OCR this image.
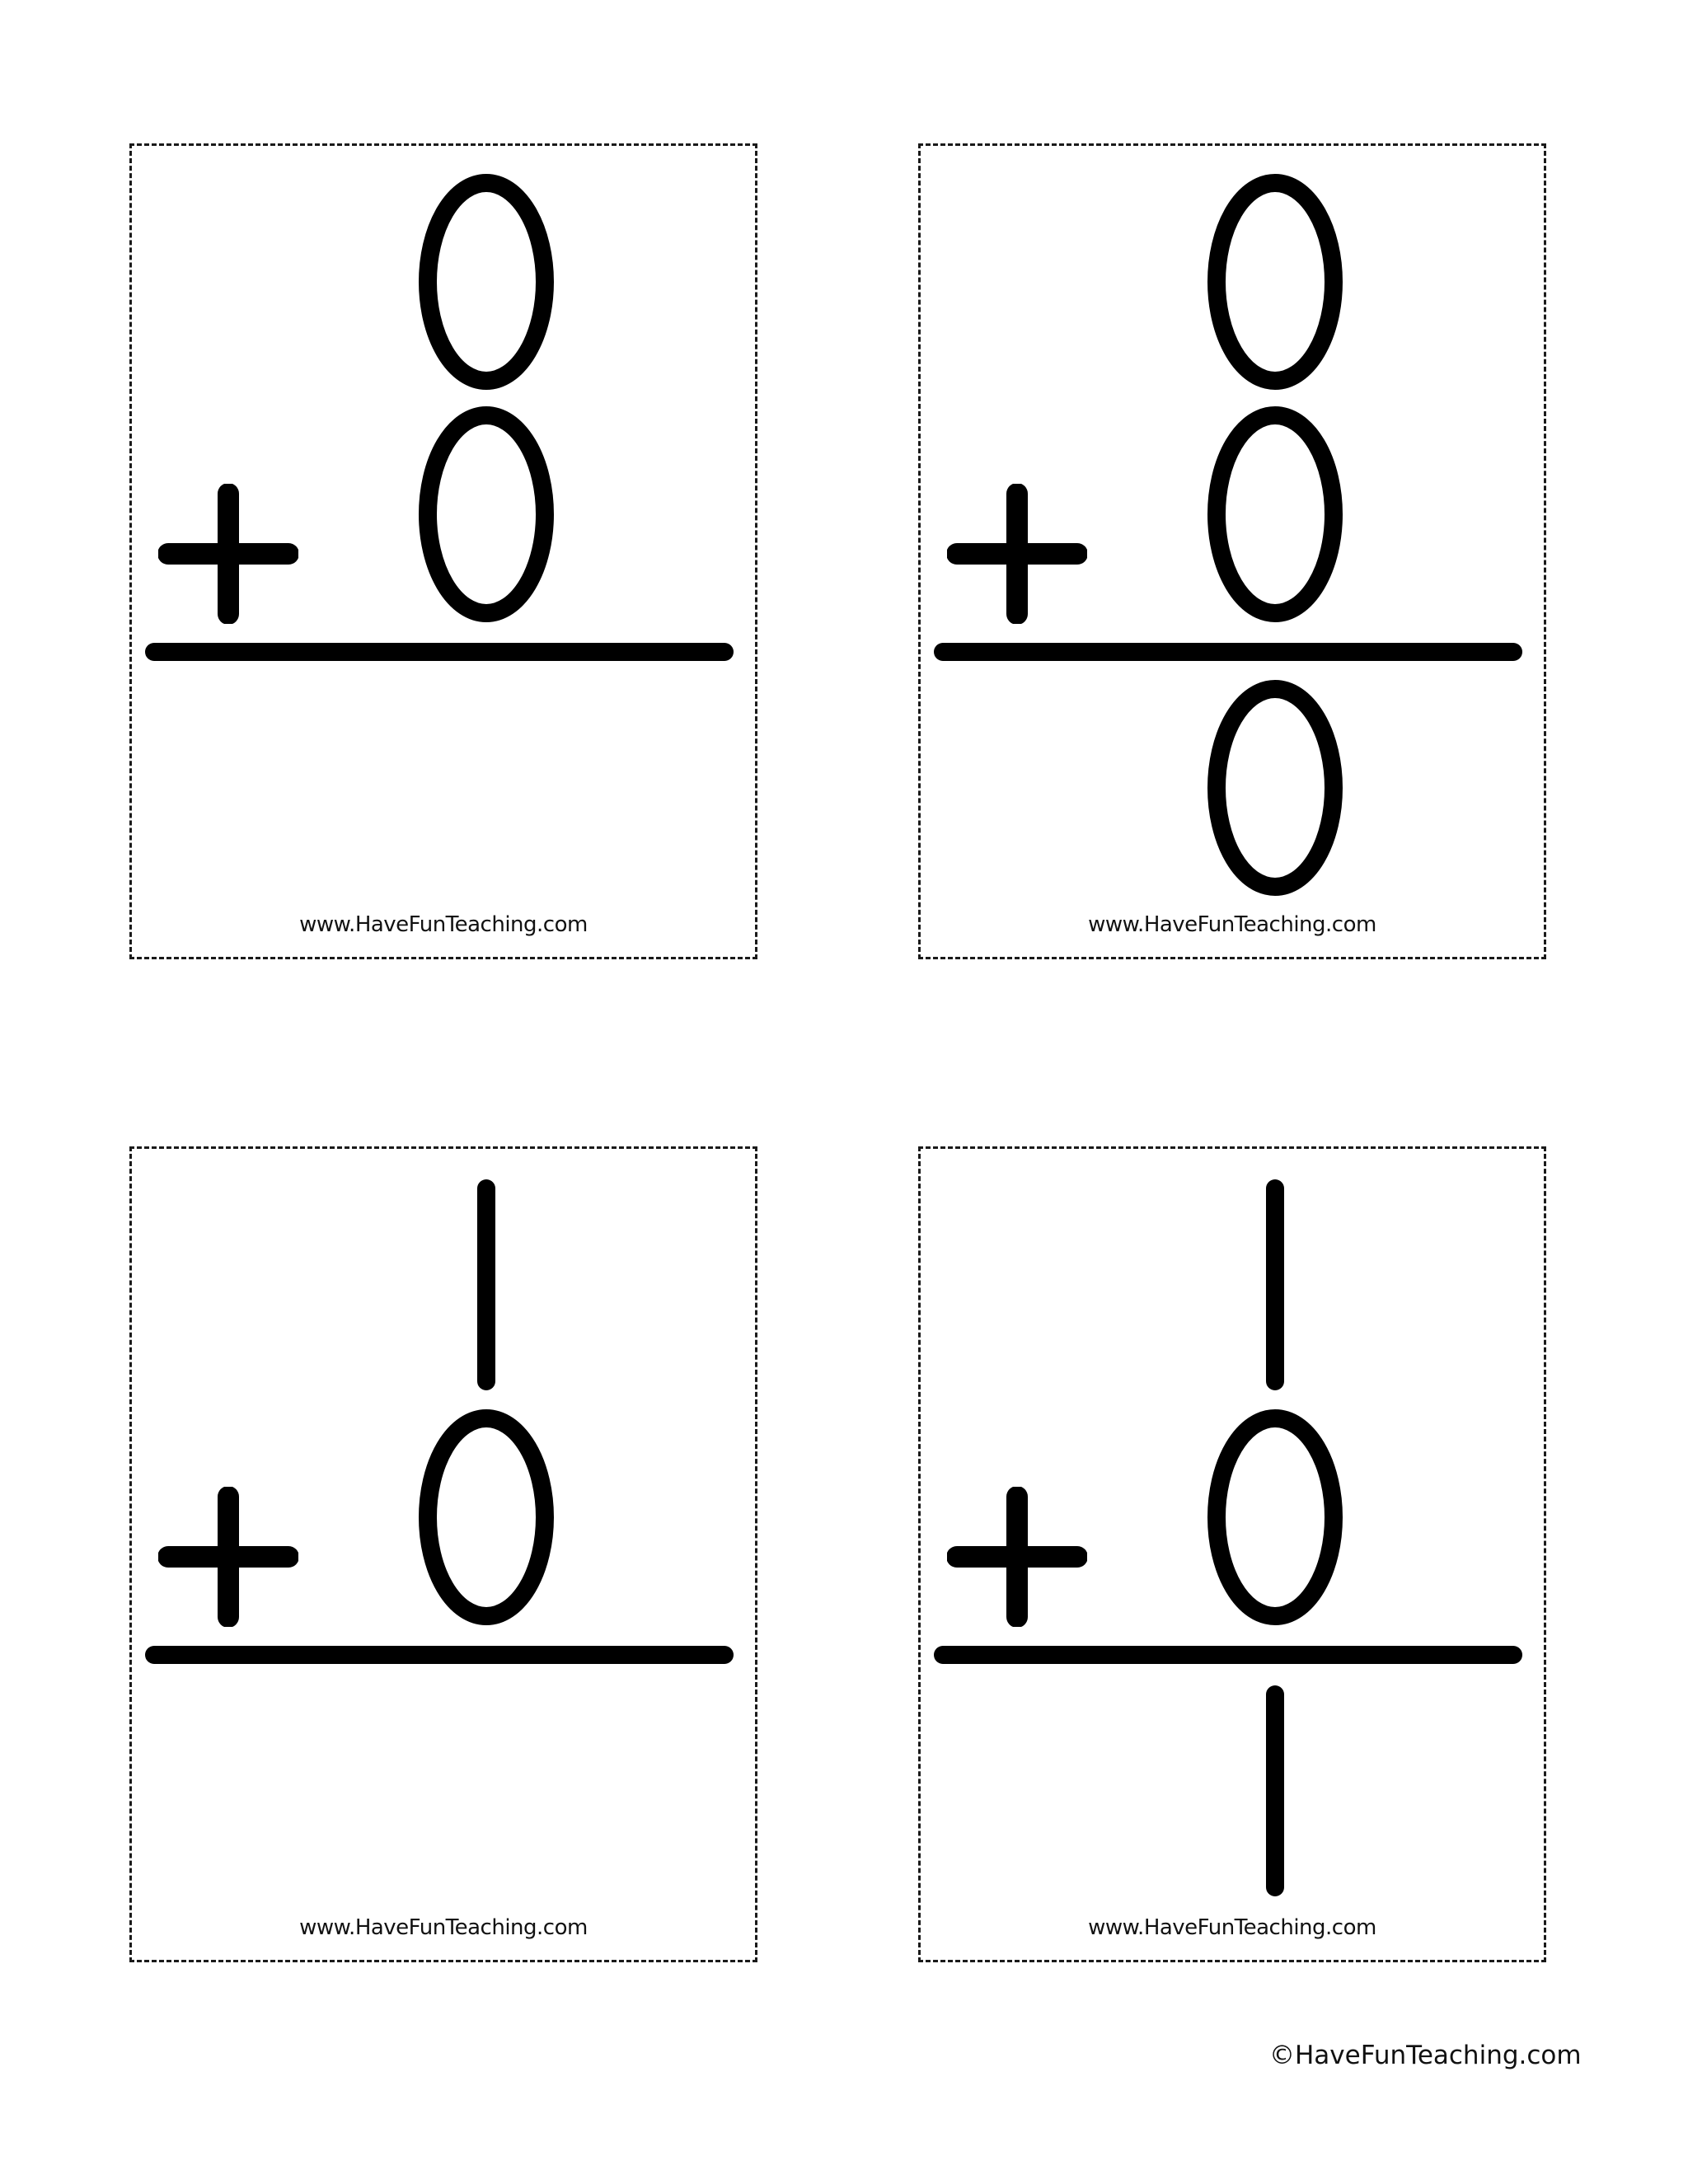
www.HaveFunTeaching.com	www.HaveFunTeaching.com
www.HaveFunTeaching.com	www.HaveFunTeaching.com
©HaveFunTeaching.com
